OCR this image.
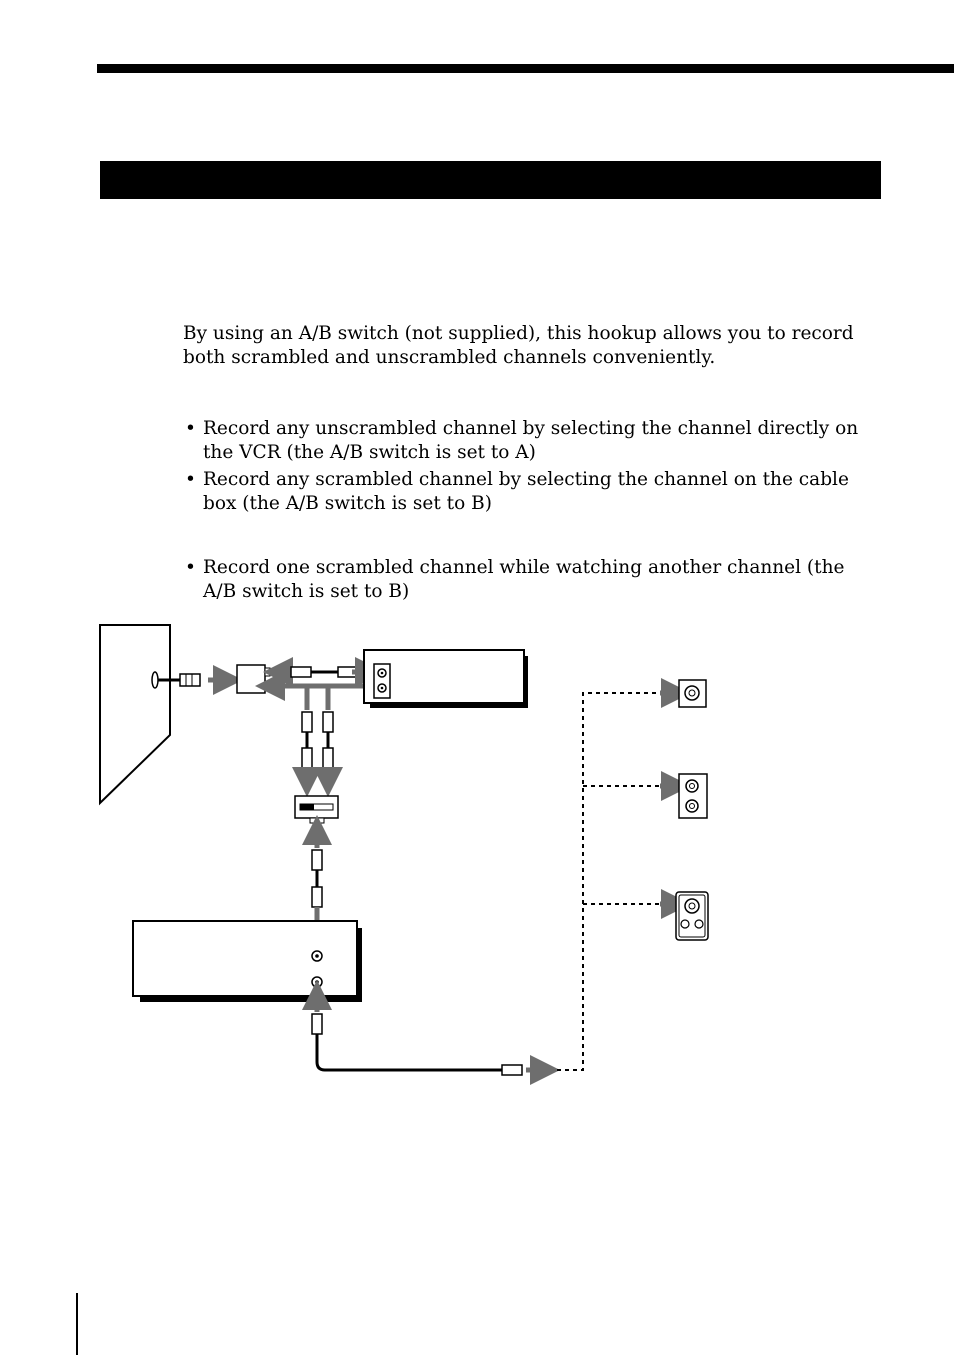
By using an A/B switch (not supplied), this hookup allows you to record both scrambled and unscrambled channels conveniently.

• Record any unscrambled channel by selecting the channel directly on the VCR (the A/B switch is set to A)
• Record any scrambled channel by selecting the channel on the cable box (the A/B switch is set to B)
• Record one scrambled channel while watching another channel (the A/B switch is set to B)
